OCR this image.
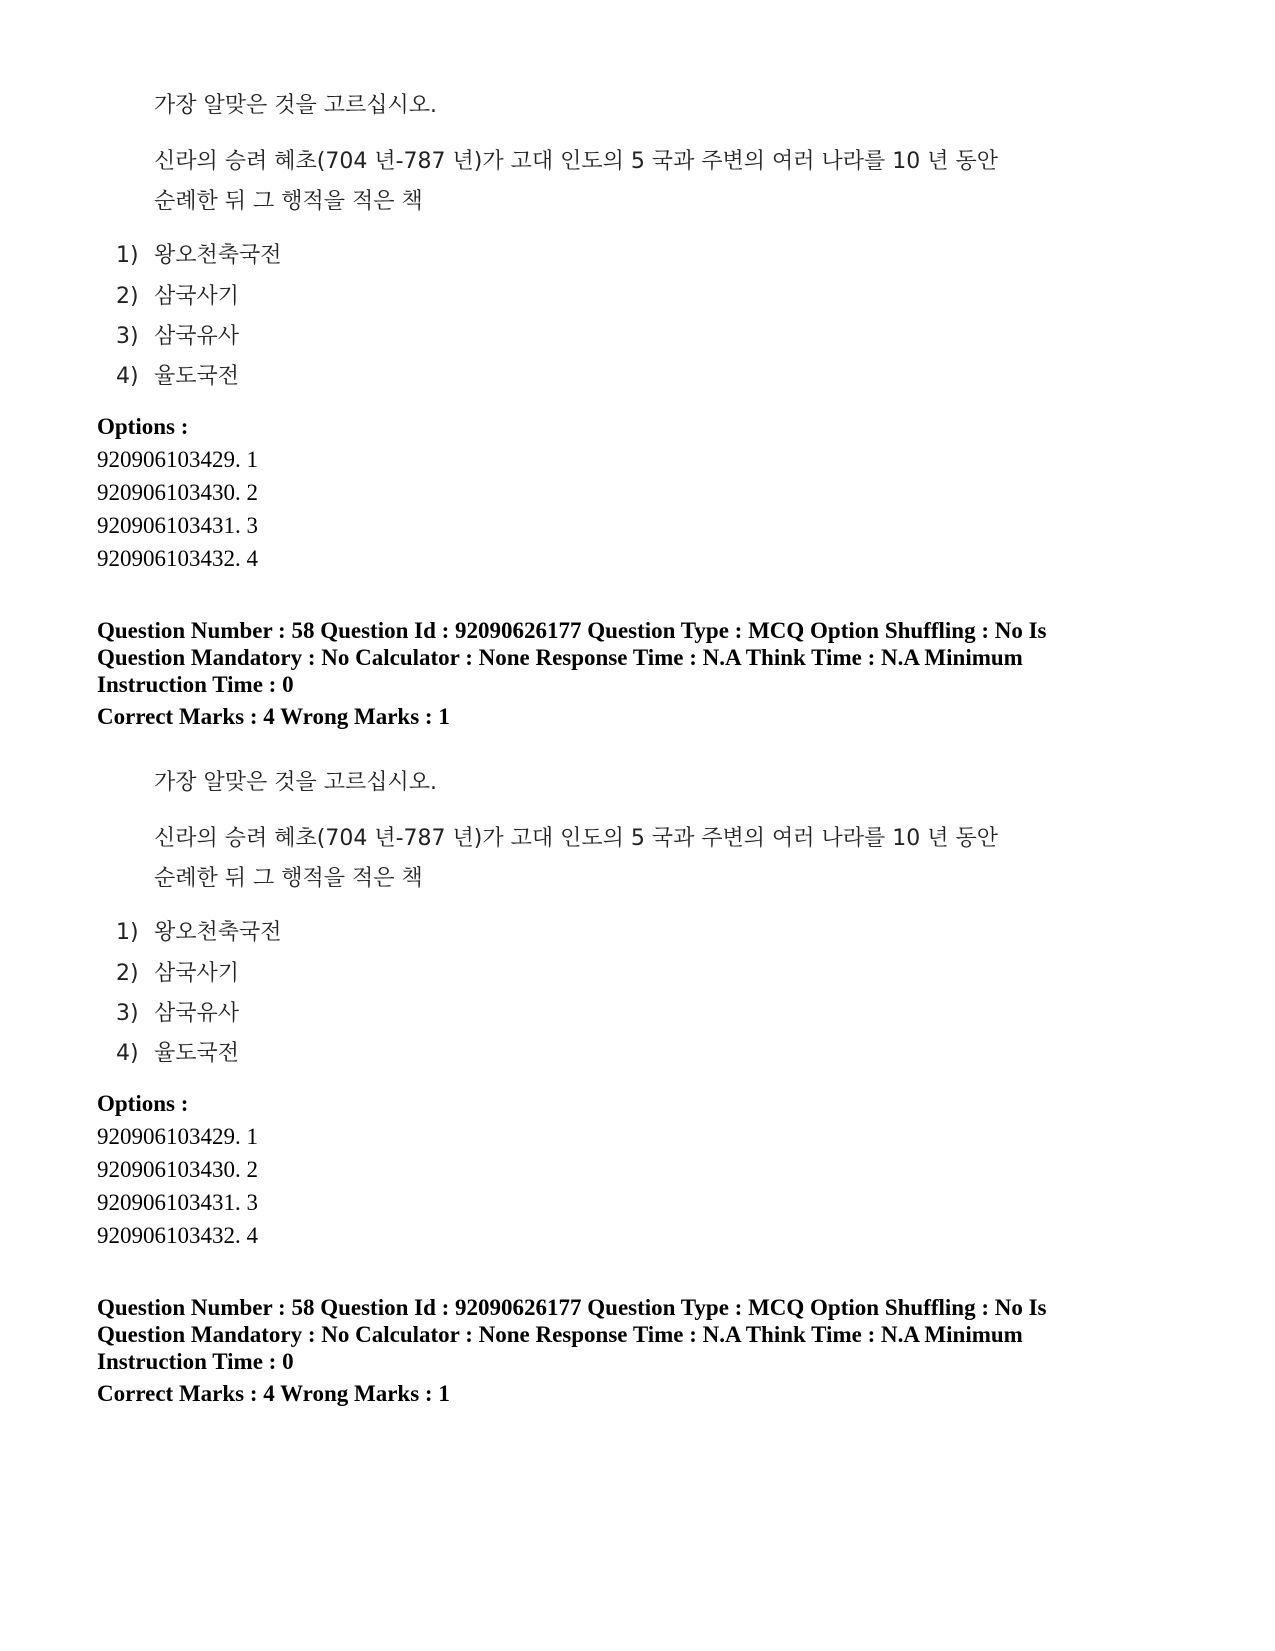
가장 알맞은 것을 고르십시오.
신라의 승려 혜초(704 년-787 년)가 고대 인도의 5 국과 주변의 여러 나라를 10 년 동안
순례한 뒤 그 행적을 적은 책
1) 왕오천축국전
2) 삼국사기
3) 삼국유사
4) 율도국전
Options :
920906103429. 1
920906103430. 2
920906103431. 3
920906103432. 4
Question Number : 58 Question Id : 92090626177 Question Type : MCQ Option Shuffling : No Is
Question Mandatory : No Calculator : None Response Time : N.A Think Time : N.A Minimum
Instruction Time : 0
Correct Marks : 4 Wrong Marks : 1
가장 알맞은 것을 고르십시오.
신라의 승려 혜초(704 년-787 년)가 고대 인도의 5 국과 주변의 여러 나라를 10 년 동안
순례한 뒤 그 행적을 적은 책
1) 왕오천축국전
2) 삼국사기
3) 삼국유사
4) 율도국전
Options :
920906103429. 1
920906103430. 2
920906103431. 3
920906103432. 4
Question Number : 58 Question Id : 92090626177 Question Type : MCQ Option Shuffling : No Is
Question Mandatory : No Calculator : None Response Time : N.A Think Time : N.A Minimum
Instruction Time : 0
Correct Marks : 4 Wrong Marks : 1
